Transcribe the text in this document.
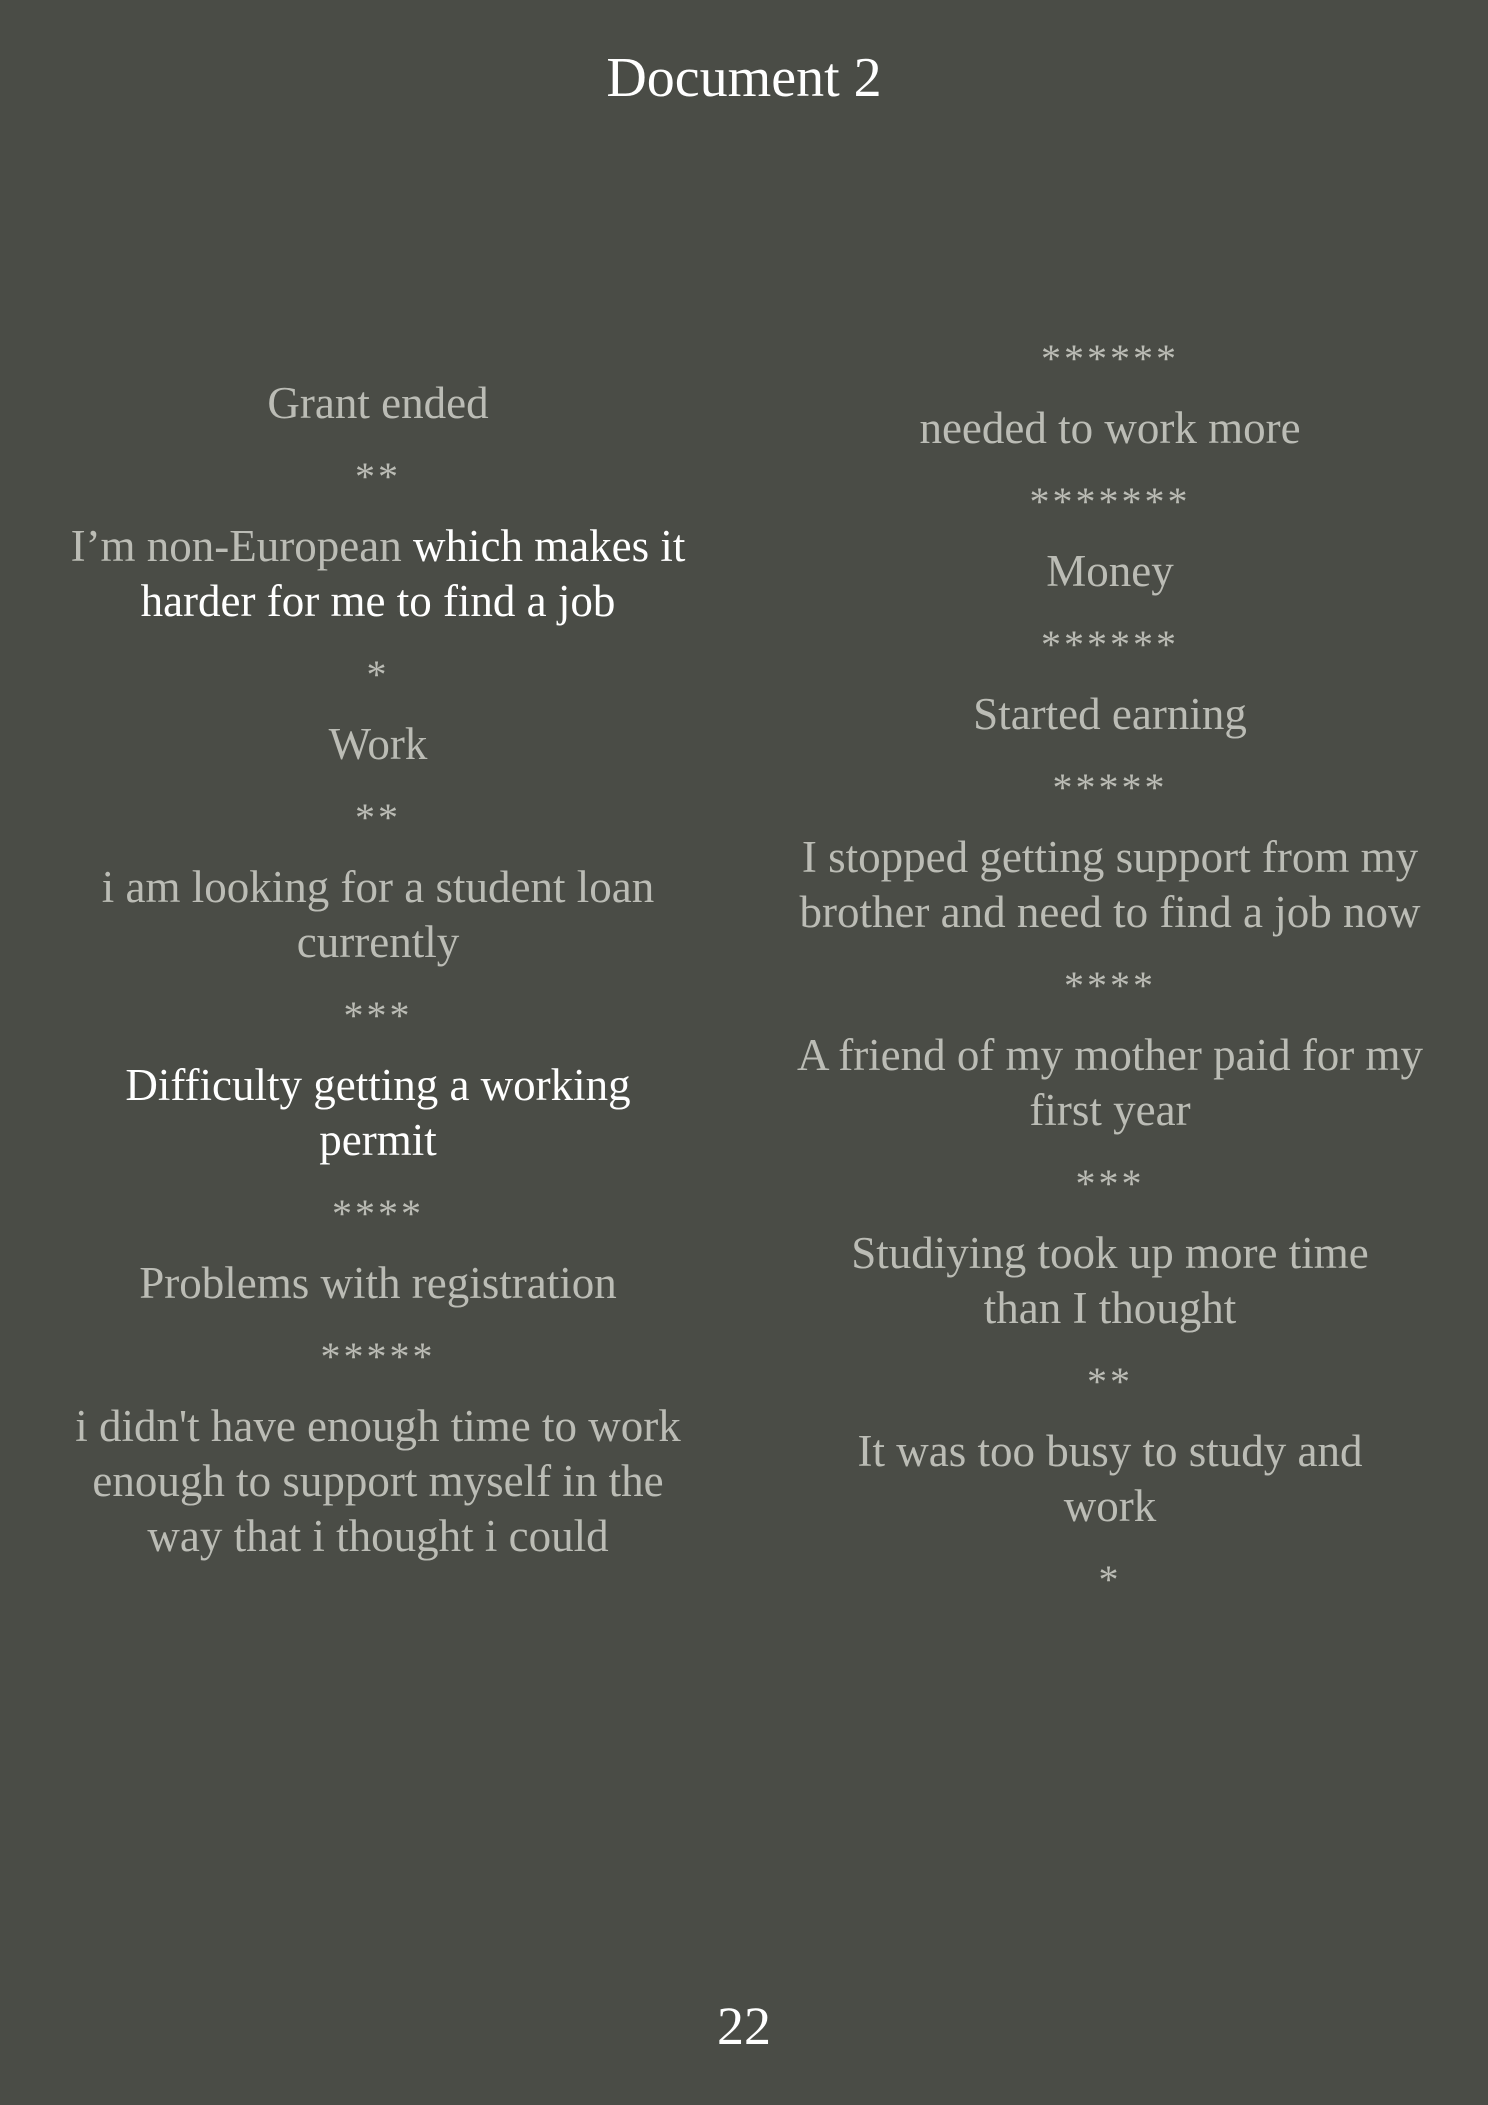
Document 2

Grant ended

**

I’m non-European which makes it harder for me to find a job

*

Work

**

i am looking for a student loan currently

***

Difficulty getting a working permit

****

Problems with registration

*****

i didn't have enough time to work enough to support myself in the way that i thought i could

******

needed to work more

*******

Money

******

Started earning

*****

I stopped getting support from my brother and need to find a job now

****

A friend of my mother paid for my first year

***

Studiying took up more time than I thought

**

It was too busy to study and work

*
22
